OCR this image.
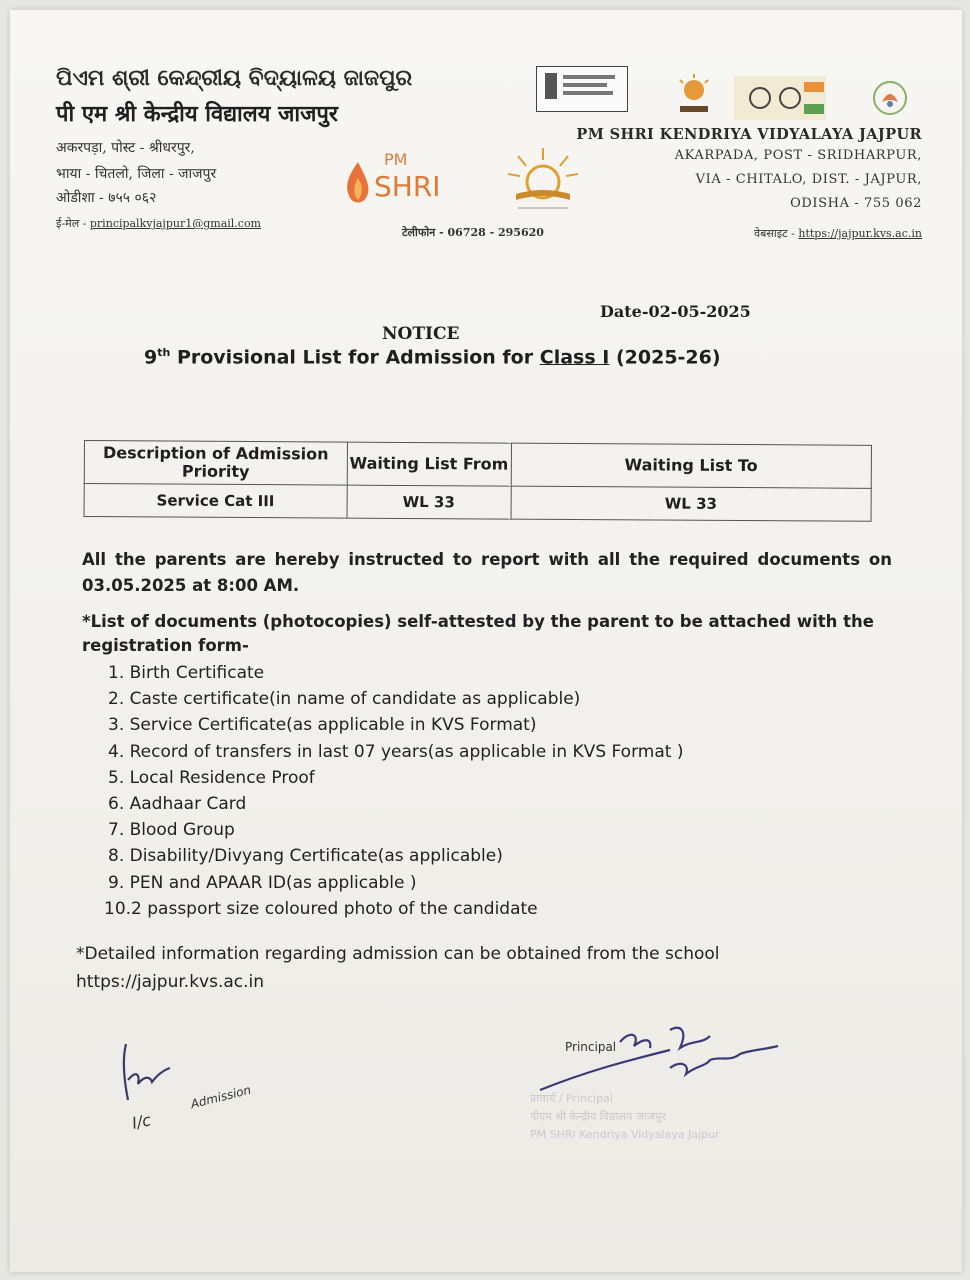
ପିଏମ ଶ୍ରୀ କେନ୍ଦ୍ରୀୟ ବିଦ୍ୟାଳୟ ଜାଜପୁର
पी एम श्री केन्द्रीय विद्यालय जाजपुर
अकरपड़ा, पोस्ट - श्रीधरपुर,
भाया - चितलो, जिला - जाजपुर
ओडीशा - ७५५ ०६२
ई-मेल - principalkvjajpur1@gmail.com
PM
SHRI
टेलीफोन - 06728 - 295620
PM SHRI KENDRIYA VIDYALAYA JAJPUR
AKARPADA, POST - SRIDHARPUR,
VIA - CHITALO, DIST. - JAJPUR,
ODISHA - 755 062
वेबसाइट - https://jajpur.kvs.ac.in
Date-02-05-2025
NOTICE
9th Provisional List for Admission for Class I (2025-26)
Description of Admission Priority	Waiting List From	Waiting List To
Service Cat III	WL 33	WL 33
All the parents are hereby instructed to report with all the required documents on
03.05.2025 at 8:00 AM.
*List of documents (photocopies) self-attested by the parent to be attached with the
registration form-
1. Birth Certificate
2. Caste certificate(in name of candidate as applicable)
3. Service Certificate(as applicable in KVS Format)
4. Record of transfers in last 07 years(as applicable in KVS Format )
5. Local Residence Proof
6. Aadhaar Card
7. Blood Group
8. Disability/Divyang Certificate(as applicable)
9. PEN and APAAR ID(as applicable )
10.2 passport size coloured photo of the candidate
*Detailed information regarding admission can be obtained from the school
https://jajpur.kvs.ac.in
I/c
Admission
Principal
प्राचार्य / Principal
पीएम श्री केन्द्रीय विद्यालय जाजपुर
PM SHRI Kendriya Vidyalaya Jajpur
